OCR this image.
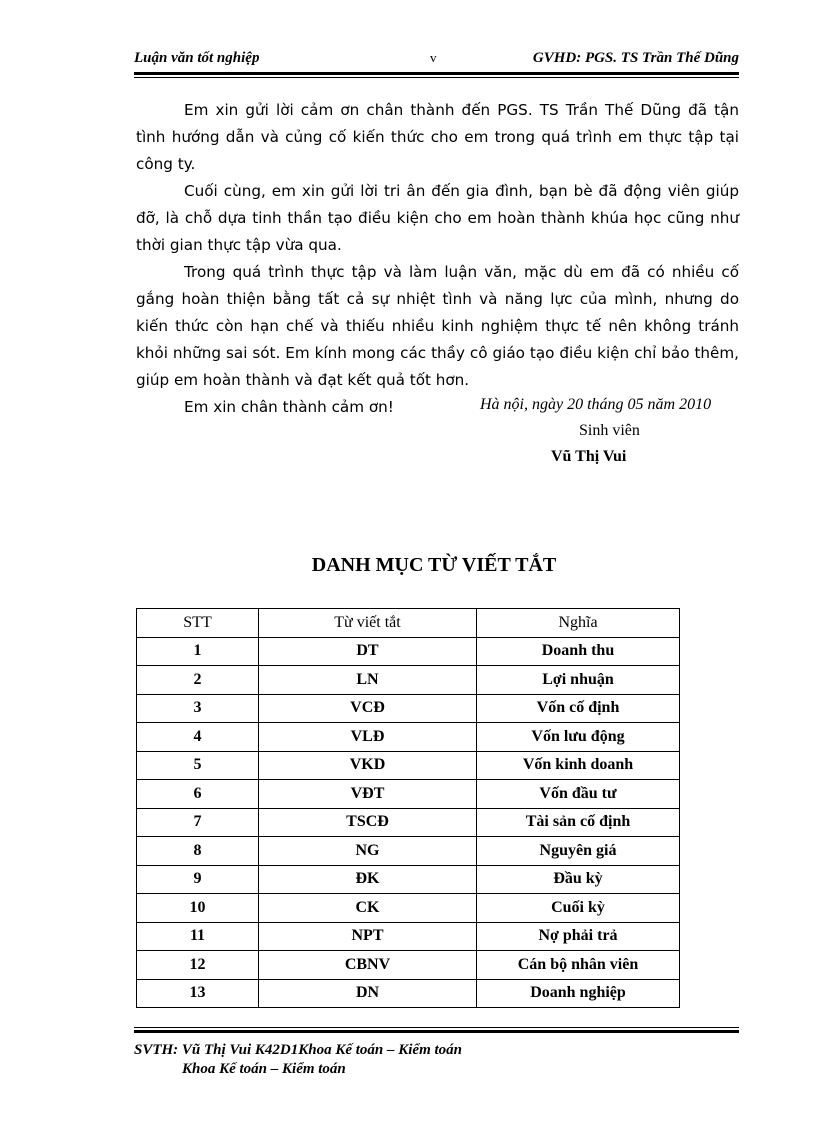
Luận văn tốt nghiệp	v	GVHD: PGS. TS Trần Thế Dũng

Em xin gửi lời cảm ơn chân thành đến PGS. TS Trần Thế Dũng đã tận tình hướng dẫn và củng cố kiến thức cho em trong quá trình em thực tập tại công ty.

Cuối cùng, em xin gửi lời tri ân đến gia đình, bạn bè đã động viên giúp đỡ, là chỗ dựa tinh thần tạo điều kiện cho em hoàn thành khúa học cũng như thời gian thực tập vừa qua.

Trong quá trình thực tập và làm luận văn, mặc dù em đã có nhiều cố gắng hoàn thiện bằng tất cả sự nhiệt tình và năng lực của mình, nhưng do kiến thức còn hạn chế và thiếu nhiều kinh nghiệm thực tế nên không tránh khỏi những sai sót. Em kính mong các thầy cô giáo tạo điều kiện chỉ bảo thêm, giúp em hoàn thành và đạt kết quả tốt hơn.

Em xin chân thành cảm ơn!	Hà nội, ngày 20 tháng 05 năm 2010
Sinh viên
Vũ Thị Vui
DANH MỤC TỪ VIẾT TẮT
STT	Từ viết tắt	Nghĩa
1	DT	Doanh thu
2	LN	Lợi nhuận
3	VCĐ	Vốn cố định
4	VLĐ	Vốn lưu động
5	VKD	Vốn kinh doanh
6	VĐT	Vốn đầu tư
7	TSCĐ	Tài sản cố định
8	NG	Nguyên giá
9	ĐK	Đầu kỳ
10	CK	Cuối kỳ
11	NPT	Nợ phải trả
12	CBNV	Cán bộ nhân viên
13	DN	Doanh nghiệp
SVTH: Vũ Thị Vui K42D1Khoa Kế toán – Kiểm toán
Khoa Kế toán – Kiểm toán
